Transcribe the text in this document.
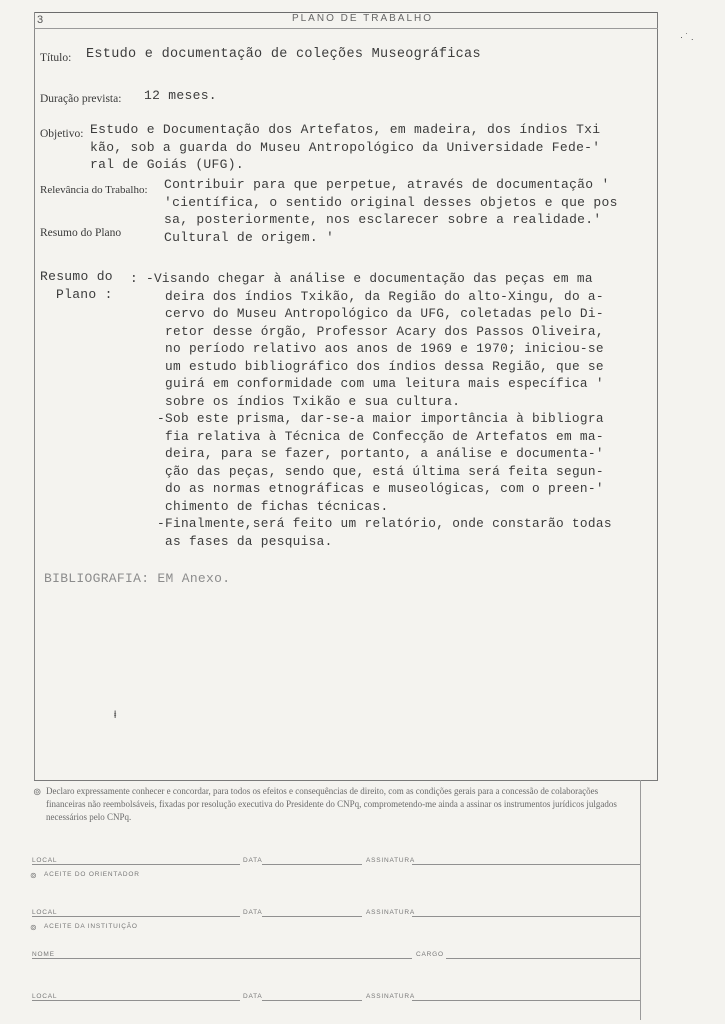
3	PLANO DE TRABALHO
Título: Estudo e documentação de coleções Museográficas
Duração prevista: 12 meses.
Objetivo: Estudo e Documentação dos Artefatos, em madeira, dos índios Txi
kão, sob a guarda do Museu Antropológico da Universidade Fede-'
ral de Goiás (UFG).
Relevância do Trabalho: Contribuir para que perpetue, através de documentação '
'científica, o sentido original desses objetos e que pos
sa, posteriormente, nos esclarecer sobre a realidade.'
Cultural de origem. '
Resumo do Plano
Resumo do
Plano :
: -Visando chegar à análise e documentação das peças em ma
deira dos índios Txikão, da Região do alto-Xingu, do a-
cervo do Museu Antropológico da UFG, coletadas pelo Di-
retor desse órgão, Professor Acary dos Passos Oliveira,
no período relativo aos anos de 1969 e 1970; iniciou-se
um estudo bibliográfico dos índios dessa Região, que se
guirá em conformidade com uma leitura mais específica '
sobre os índios Txikão e sua cultura.
-Sob este prisma, dar-se-a maior importância à bibliogra
fia relativa à Técnica de Confecção de Artefatos em ma-
deira, para se fazer, portanto, a análise e documenta-'
ção das peças, sendo que, está última será feita segun-
do as normas etnográficas e museológicas, com o preen-'
chimento de fichas técnicas.
-Finalmente,será feito um relatório, onde constarão todas
as fases da pesquisa.
BIBLIOGRAFIA: EM Anexo.
ⱡ
· ˙ .
⊚ Declaro expressamente conhecer e concordar, para todos os efeitos e consequências de direito, com as condições gerais para a concessão de colaborações financeiras não reembolsáveis, fixadas por resolução executiva do Presidente do CNPq, comprometendo-me ainda a assinar os instrumentos jurídicos julgados necessários pelo CNPq.
LOCAL	DATA	ASSINATURA
⊚ ACEITE DO ORIENTADOR
LOCAL	DATA	ASSINATURA
⊚ ACEITE DA INSTITUIÇÃO
NOME	CARGO
LOCAL	DATA	ASSINATURA
